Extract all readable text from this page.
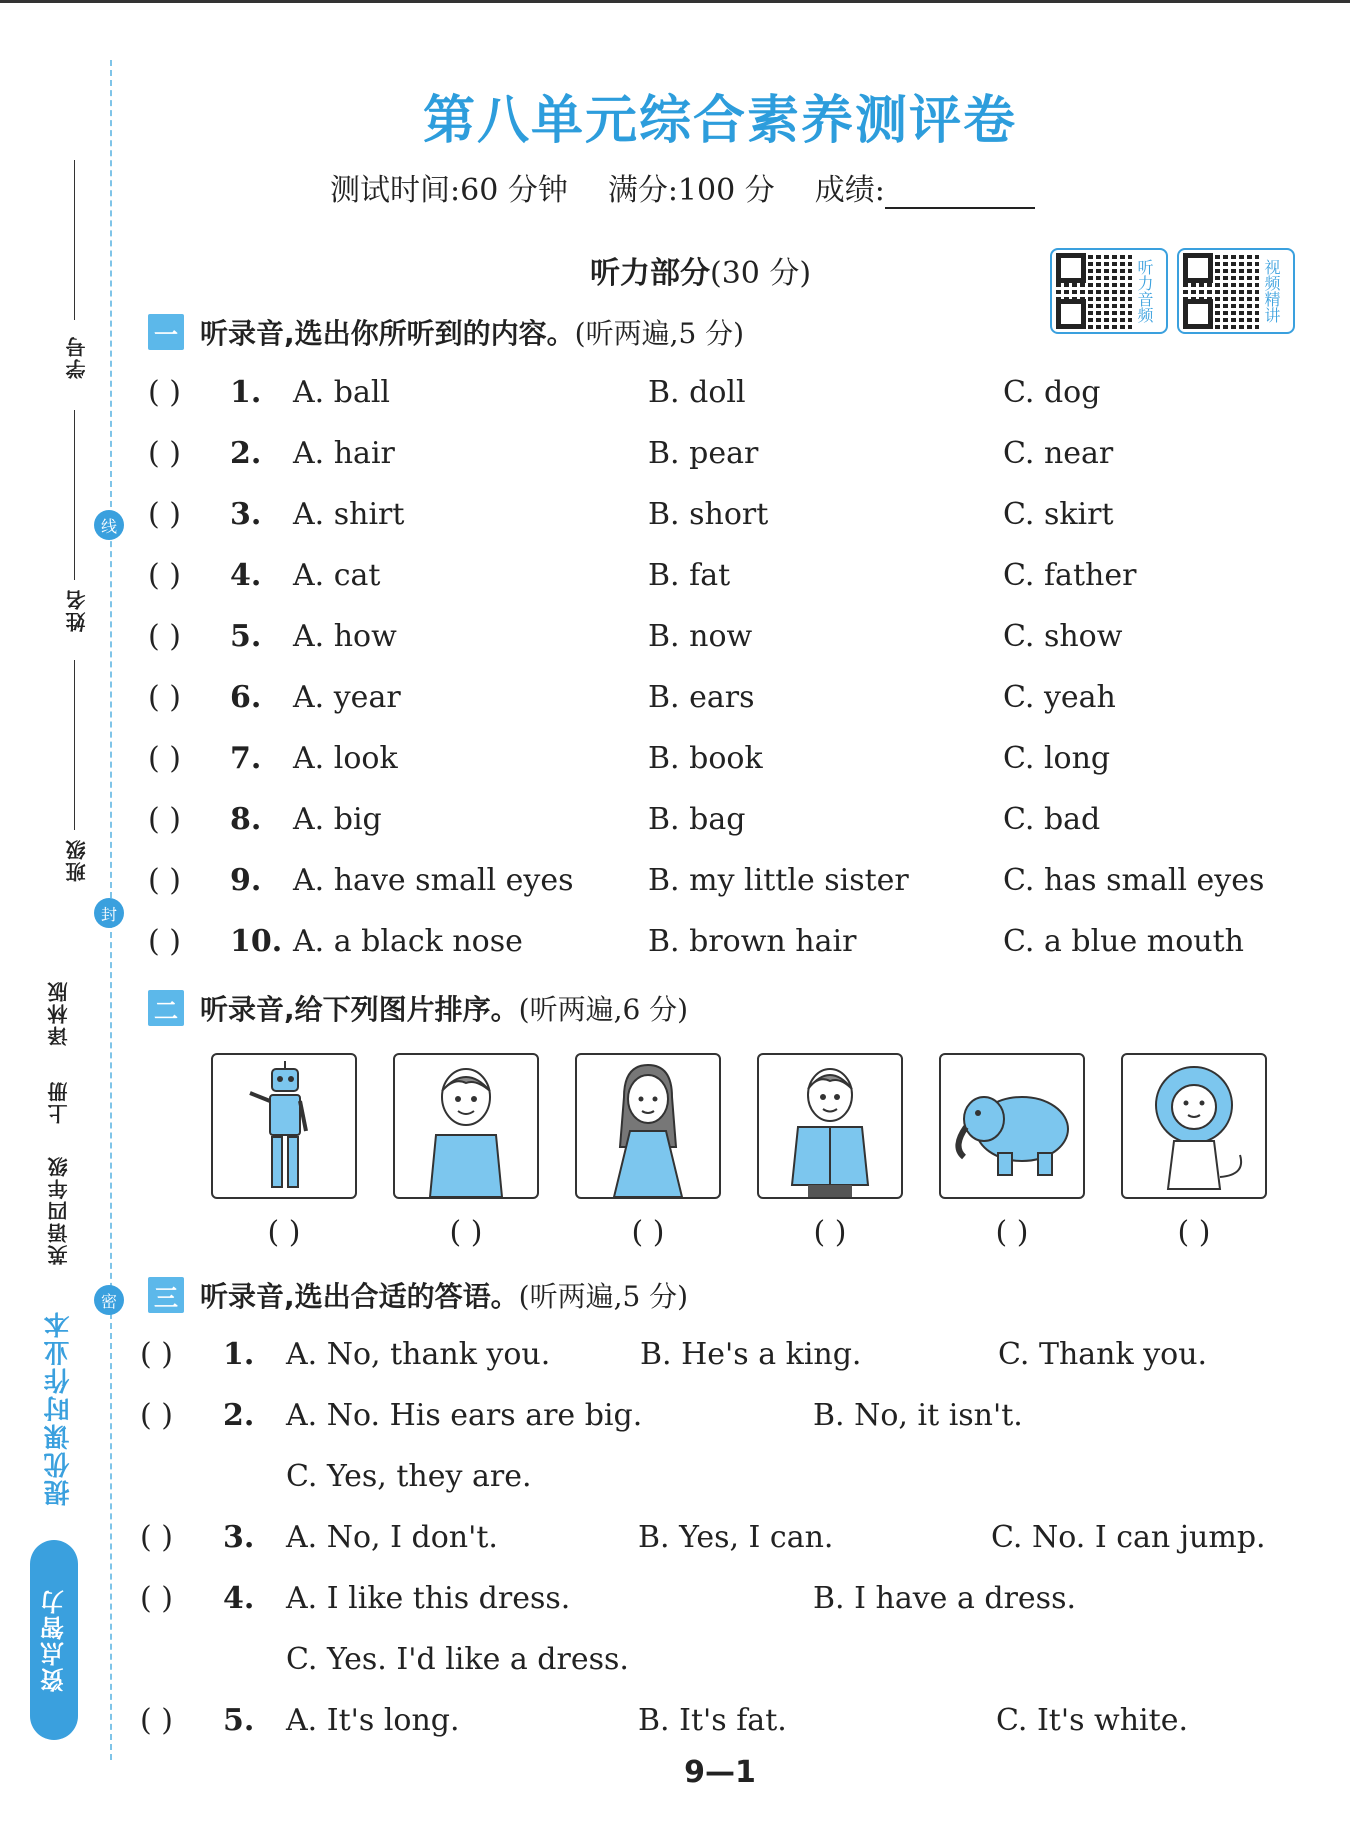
学号
姓名
班级
线
封
密
译林版
上册
英语四年级
提优课时作业本
资点智力
第八单元综合素养测评卷
测试时间:60 分钟 满分:100 分 成绩:
听力部分(30 分)	听力音频	视频精讲
一 听录音,选出你所听到的内容。(听两遍,5 分)
( ) 1. A. ball	B. doll	C. dog
( ) 2. A. hair	B. pear	C. near
( ) 3. A. shirt	B. short	C. skirt
( ) 4. A. cat	B. fat	C. father
( ) 5. A. how	B. now	C. show
( ) 6. A. year	B. ears	C. yeah
( ) 7. A. look	B. book	C. long
( ) 8. A. big	B. bag	C. bad
( ) 9. A. have small eyes B. my little sister	C. has small eyes
( ) 10. A. a black nose	B. brown hair	C. a blue mouth
二 听录音,给下列图片排序。(听两遍,6 分)
( )	( )	( )	( )	( )	( )
三 听录音,选出合适的答语。(听两遍,5 分)
( ) 1. A. No, thank you.	B. He's a king.	C. Thank you.
( ) 2. A. No. His ears are big.	B. No, it isn't.
C. Yes, they are.
( ) 3. A. No, I don't.	B. Yes, I can.	C. No. I can jump.
( ) 4. A. I like this dress.	B. I have a dress.
C. Yes. I'd like a dress.
( ) 5. A. It's long.	B. It's fat.	C. It's white.
9—1
